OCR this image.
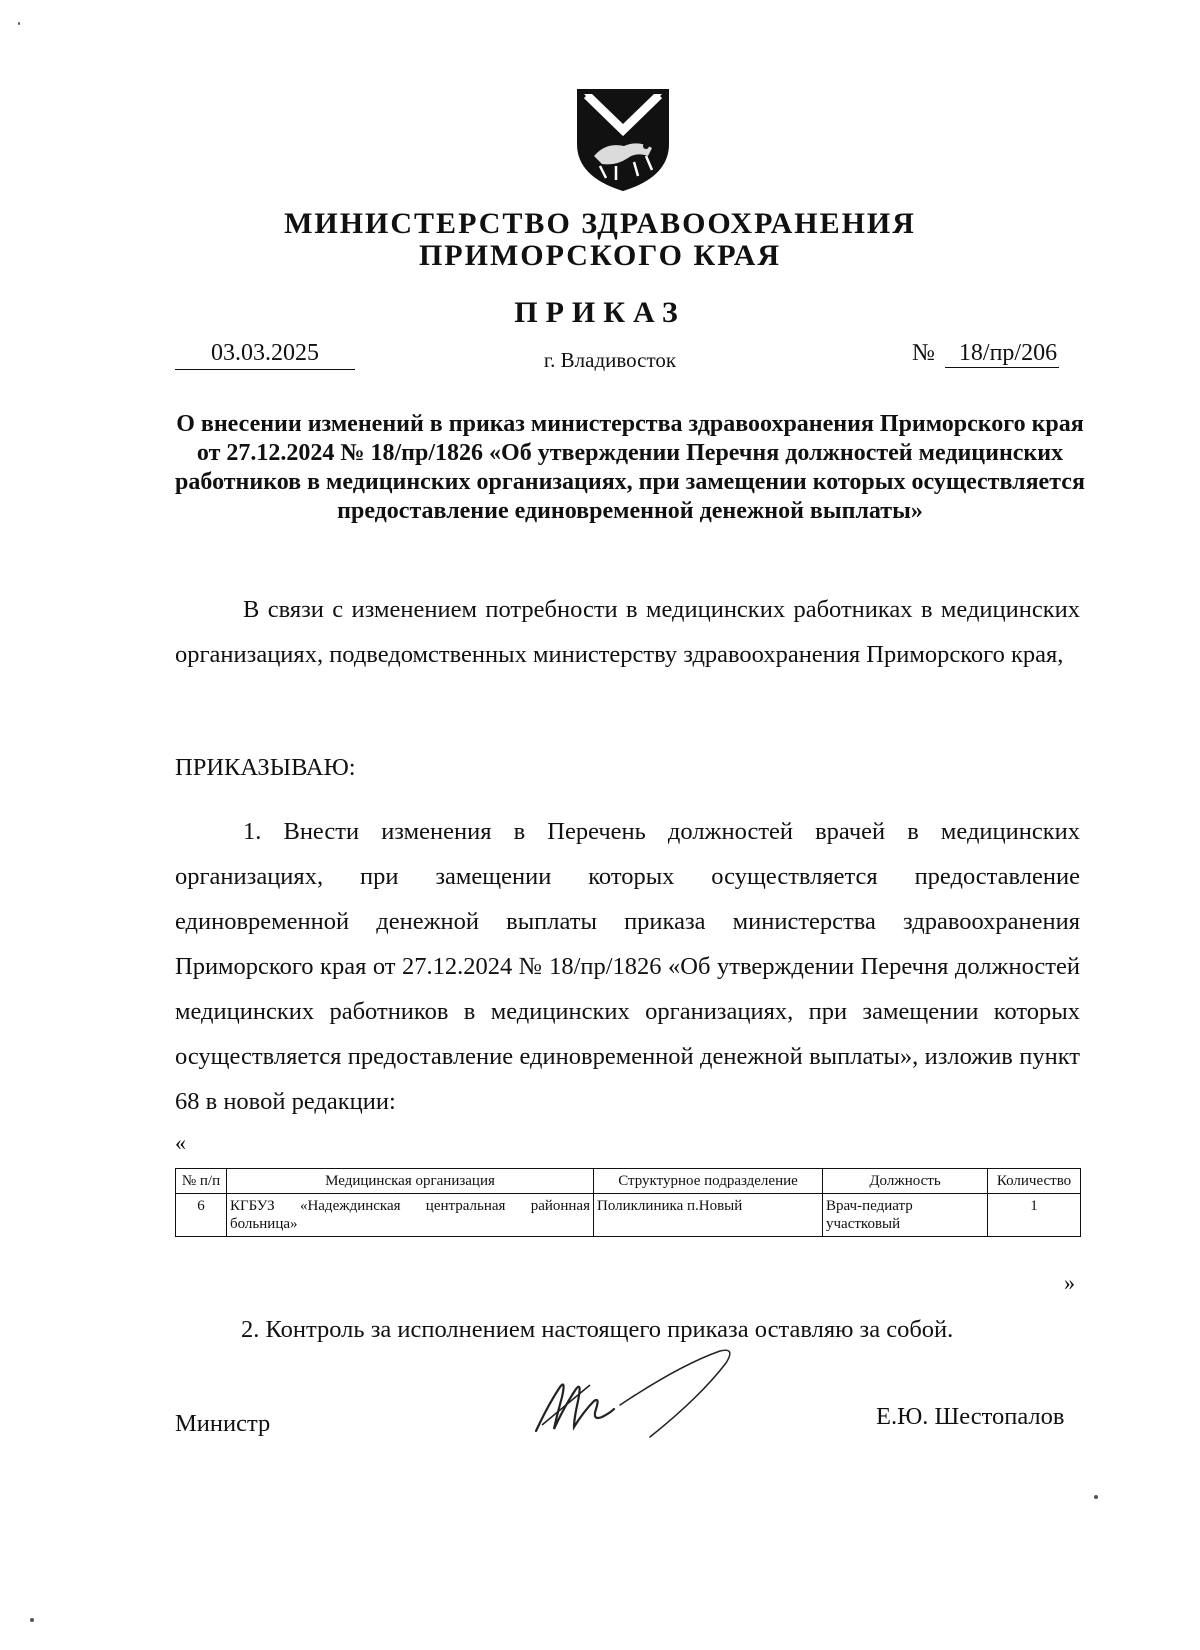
МИНИСТЕРСТВО ЗДРАВООХРАНЕНИЯ
ПРИМОРСКОГО КРАЯ
ПРИКАЗ
03.03.2025	г. Владивосток	№ 18/пр/206
О внесении изменений в приказ министерства здравоохранения Приморского края от 27.12.2024 № 18/пр/1826 «Об утверждении Перечня должностей медицинских работников в медицинских организациях, при замещении которых осуществляется предоставление единовременной денежной выплаты»
В связи с изменением потребности в медицинских работниках в медицинских организациях, подведомственных министерству здравоохранения Приморского края,
ПРИКАЗЫВАЮ:
1. Внести изменения в Перечень должностей врачей в медицинских организациях, при замещении которых осуществляется предоставление единовременной денежной выплаты приказа министерства здравоохранения Приморского края от 27.12.2024 № 18/пр/1826 «Об утверждении Перечня должностей медицинских работников в медицинских организациях, при замещении которых осуществляется предоставление единовременной денежной выплаты», изложив пункт 68 в новой редакции:
«
№ п/п	Медицинская организация	Структурное подразделение	Должность	Количество
6	КГБУЗ «Надеждинская центральная районная больница»	Поликлиника п.Новый	Врач-педиатр участковый	1
»
2. Контроль за исполнением настоящего приказа оставляю за собой.
Министр	Е.Ю. Шестопалов
